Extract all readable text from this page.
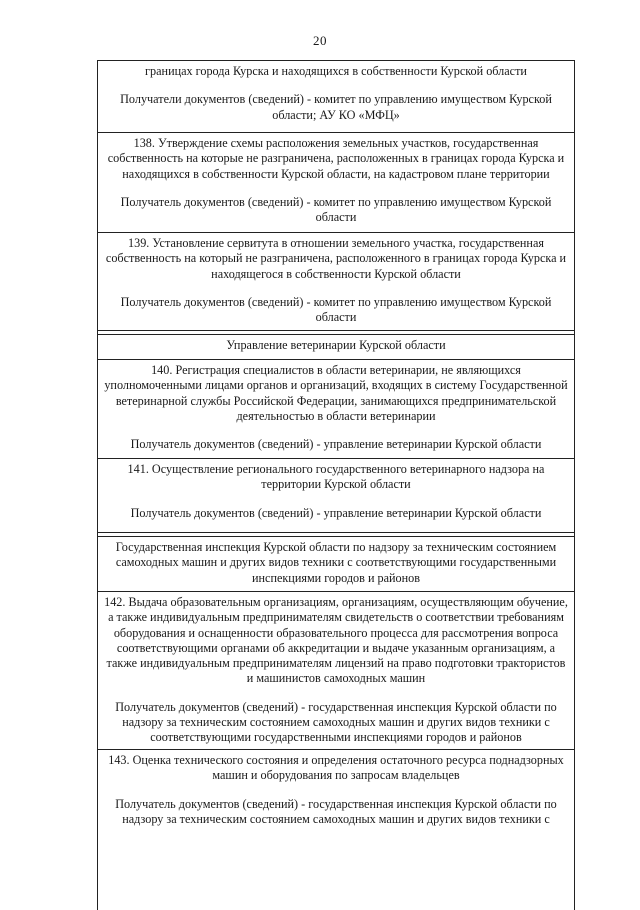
20

границах города Курска и находящихся в собственности Курской области

Получатели документов (сведений) - комитет по управлению имуществом Курской области; АУ КО «МФЦ»

138. Утверждение схемы расположения земельных участков, государственная собственность на которые не разграничена, расположенных в границах города Курска и находящихся в собственности Курской области, на кадастровом плане территории

Получатель документов (сведений) - комитет по управлению имуществом Курской области

139. Установление сервитута в отношении земельного участка, государственная собственность на который не разграничена, расположенного в границах города Курска и находящегося в собственности Курской области

Получатель документов (сведений) - комитет по управлению имуществом Курской области

Управление ветеринарии Курской области

140. Регистрация специалистов в области ветеринарии, не являющихся уполномоченными лицами органов и организаций, входящих в систему Государственной ветеринарной службы Российской Федерации, занимающихся предпринимательской деятельностью в области ветеринарии

Получатель документов (сведений) - управление ветеринарии Курской области

141. Осуществление регионального государственного ветеринарного надзора на территории Курской области

Получатель документов (сведений) - управление ветеринарии Курской области

Государственная инспекция Курской области по надзору за техническим состоянием самоходных машин и других видов техники с соответствующими государственными инспекциями городов и районов

142. Выдача образовательным организациям, организациям, осуществляющим обучение, а также индивидуальным предпринимателям свидетельств о соответствии требованиям оборудования и оснащенности образовательного процесса для рассмотрения вопроса соответствующими органами об аккредитации и выдаче указанным организациям, а также индивидуальным предпринимателям лицензий на право подготовки трактористов и машинистов самоходных машин

Получатель документов (сведений) - государственная инспекция Курской области по надзору за техническим состоянием самоходных машин и других видов техники с соответствующими государственными инспекциями городов и районов

143. Оценка технического состояния и определения остаточного ресурса поднадзорных машин и оборудования по запросам владельцев

Получатель документов (сведений) - государственная инспекция Курской области по надзору за техническим состоянием самоходных машин и других видов техники с
